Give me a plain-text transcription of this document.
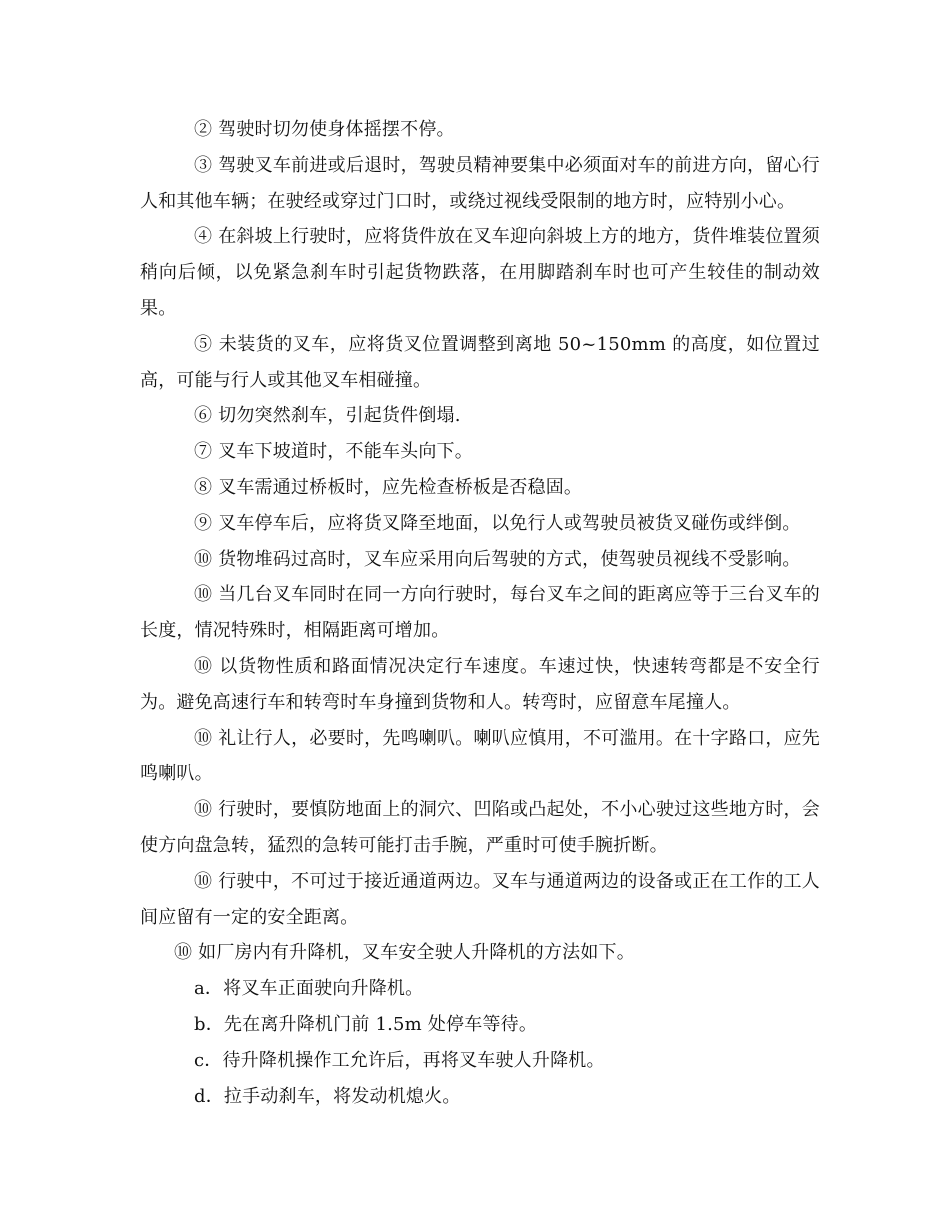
② 驾驶时切勿使身体摇摆不停。

③ 驾驶叉车前进或后退时，驾驶员精神要集中必须面对车的前进方向，留心行人和其他车辆；在驶经或穿过门口时，或绕过视线受限制的地方时，应特别小心。

④ 在斜坡上行驶时，应将货件放在叉车迎向斜坡上方的地方，货件堆装位置须稍向后倾，以免紧急刹车时引起货物跌落，在用脚踏刹车时也可产生较佳的制动效果。

⑤ 未装货的叉车，应将货叉位置调整到离地 50~150mm 的高度，如位置过高，可能与行人或其他叉车相碰撞。

⑥ 切勿突然刹车，引起货件倒塌.

⑦ 叉车下坡道时，不能车头向下。

⑧ 叉车需通过桥板时，应先检查桥板是否稳固。

⑨ 叉车停车后，应将货叉降至地面，以免行人或驾驶员被货叉碰伤或绊倒。

⑩ 货物堆码过高时，叉车应采用向后驾驶的方式，使驾驶员视线不受影响。

⑩ 当几台叉车同时在同一方向行驶时，每台叉车之间的距离应等于三台叉车的长度，情况特殊时，相隔距离可增加。

⑩ 以货物性质和路面情况决定行车速度。车速过快，快速转弯都是不安全行为。避免高速行车和转弯时车身撞到货物和人。转弯时，应留意车尾撞人。

⑩ 礼让行人，必要时，先鸣喇叭。喇叭应慎用，不可滥用。在十字路口，应先鸣喇叭。

⑩ 行驶时，要慎防地面上的洞穴、凹陷或凸起处，不小心驶过这些地方时，会使方向盘急转，猛烈的急转可能打击手腕，严重时可使手腕折断。

⑩ 行驶中，不可过于接近通道两边。叉车与通道两边的设备或正在工作的工人间应留有一定的安全距离。

⑩ 如厂房内有升降机，叉车安全驶人升降机的方法如下。

a．将叉车正面驶向升降机。

b．先在离升降机门前 1.5m 处停车等待。

c．待升降机操作工允许后，再将叉车驶人升降机。

d．拉手动刹车，将发动机熄火。
